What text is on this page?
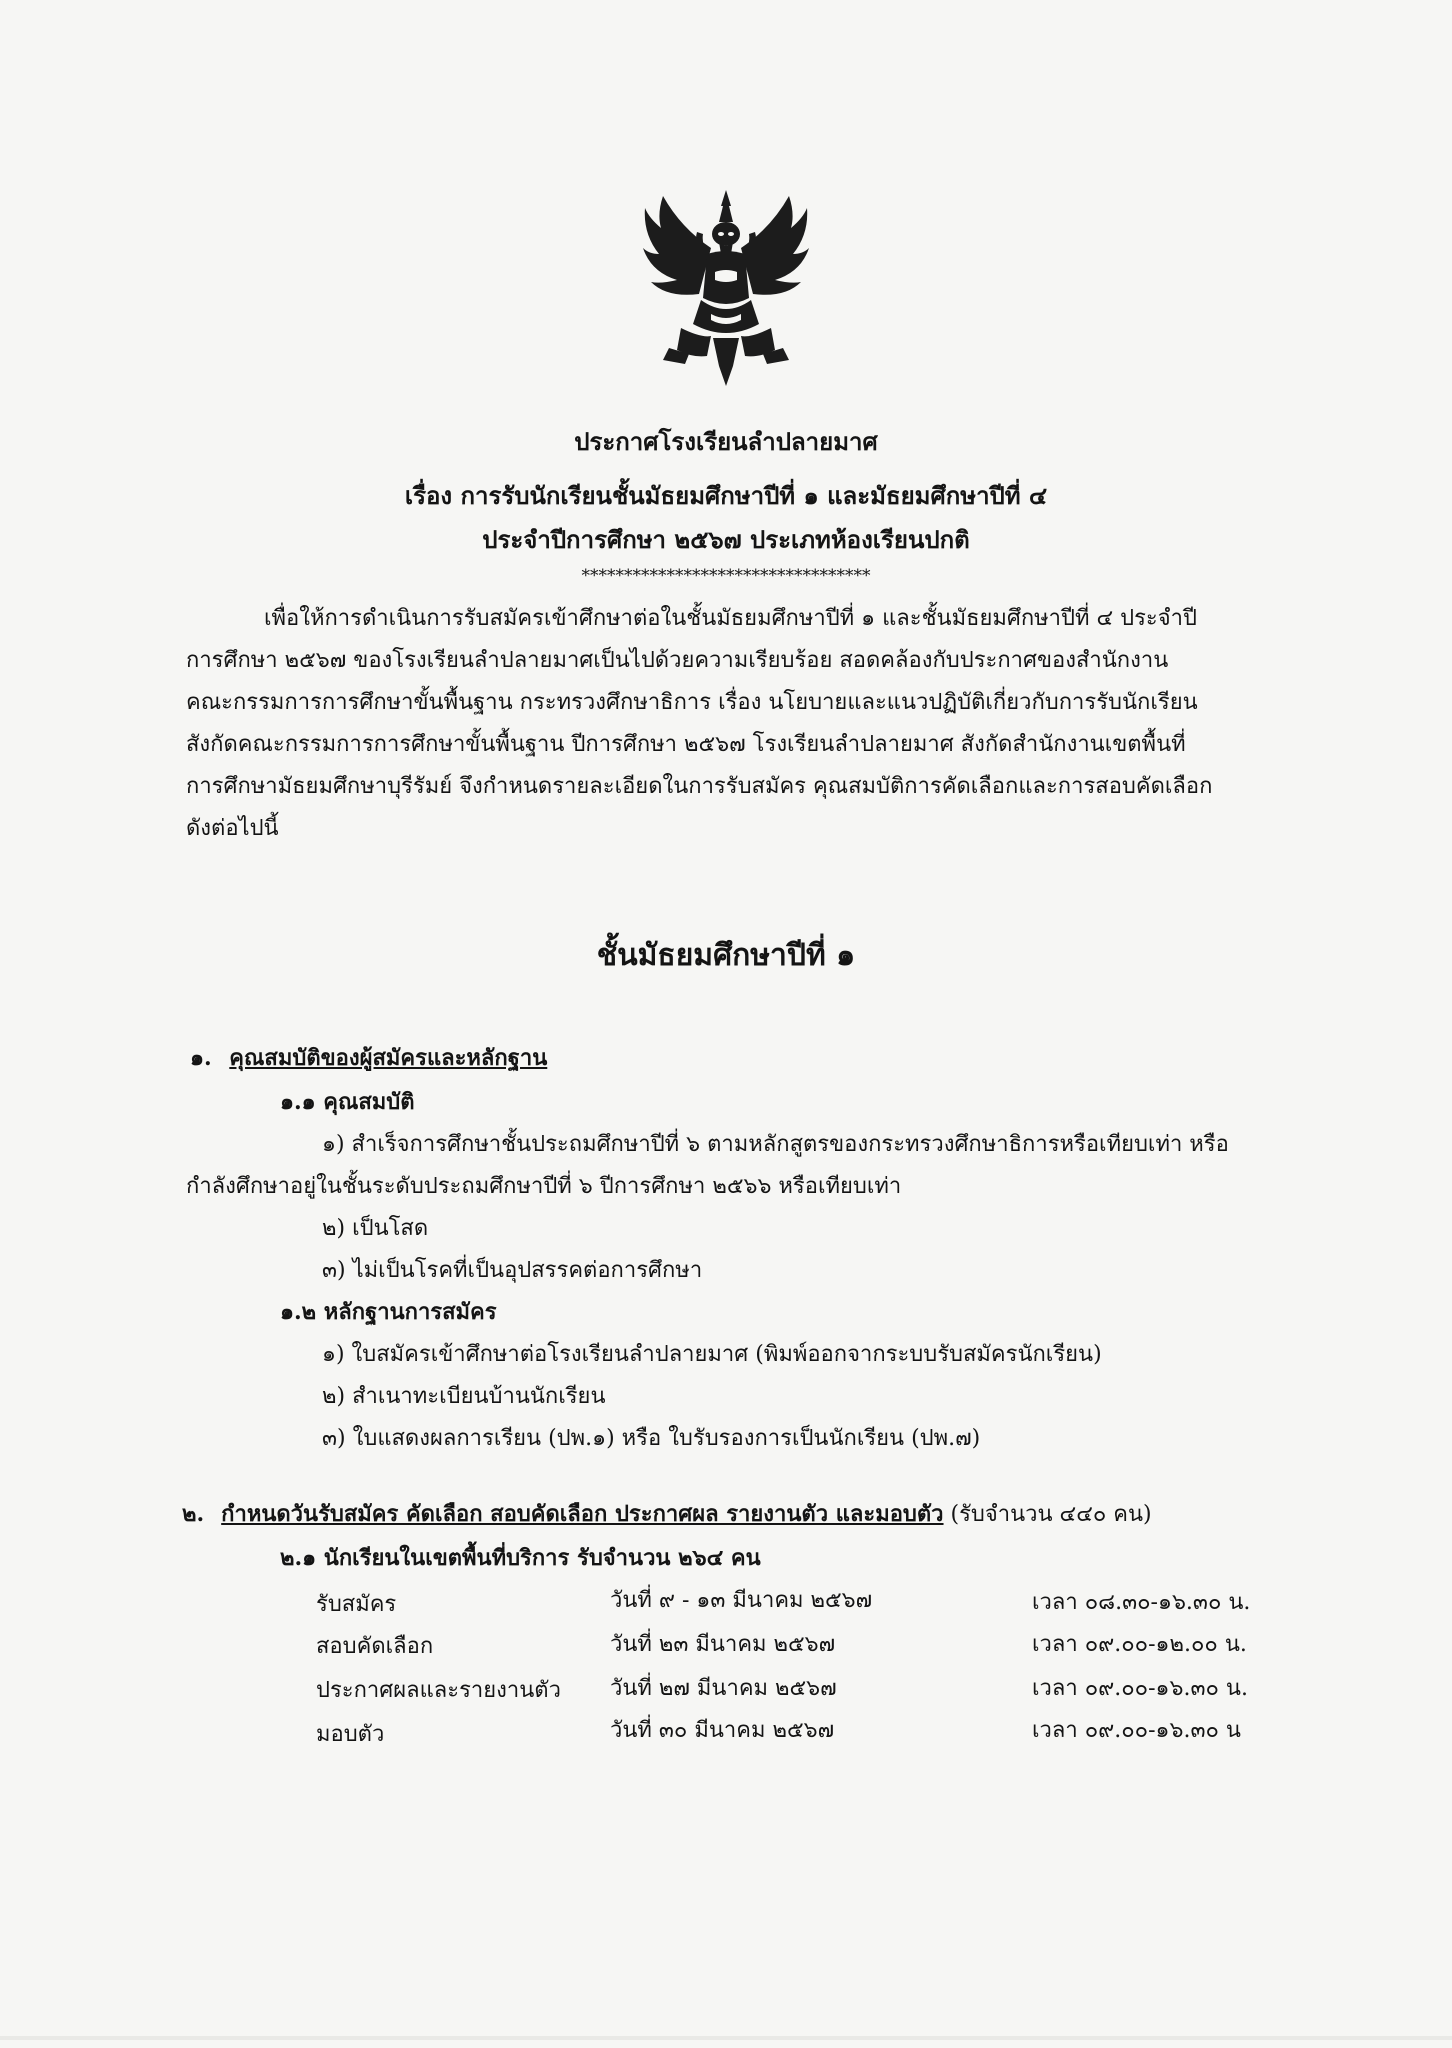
ประกาศโรงเรียนลำปลายมาศ
เรื่อง การรับนักเรียนชั้นมัธยมศึกษาปีที่ ๑ และมัธยมศึกษาปีที่ ๔
ประจำปีการศึกษา ๒๕๖๗ ประเภทห้องเรียนปกติ
**********************************

เพื่อให้การดำเนินการรับสมัครเข้าศึกษาต่อในชั้นมัธยมศึกษาปีที่ ๑ และชั้นมัธยมศึกษาปีที่ ๔ ประจำปี

การศึกษา ๒๕๖๗ ของโรงเรียนลำปลายมาศเป็นไปด้วยความเรียบร้อย สอดคล้องกับประกาศของสำนักงาน

คณะกรรมการการศึกษาขั้นพื้นฐาน กระทรวงศึกษาธิการ เรื่อง นโยบายและแนวปฏิบัติเกี่ยวกับการรับนักเรียน

สังกัดคณะกรรมการการศึกษาขั้นพื้นฐาน ปีการศึกษา ๒๕๖๗ โรงเรียนลำปลายมาศ สังกัดสำนักงานเขตพื้นที่

การศึกษามัธยมศึกษาบุรีรัมย์ จึงกำหนดรายละเอียดในการรับสมัคร คุณสมบัติการคัดเลือกและการสอบคัดเลือก

ดังต่อไปนี้

ชั้นมัธยมศึกษาปีที่ ๑
๑. คุณสมบัติของผู้สมัครและหลักฐาน
๑.๑ คุณสมบัติ
๑) สำเร็จการศึกษาชั้นประถมศึกษาปีที่ ๖ ตามหลักสูตรของกระทรวงศึกษาธิการหรือเทียบเท่า หรือ
กำลังศึกษาอยู่ในชั้นระดับประถมศึกษาปีที่ ๖ ปีการศึกษา ๒๕๖๖ หรือเทียบเท่า
๒) เป็นโสด
๓) ไม่เป็นโรคที่เป็นอุปสรรคต่อการศึกษา
๑.๒ หลักฐานการสมัคร
๑) ใบสมัครเข้าศึกษาต่อโรงเรียนลำปลายมาศ (พิมพ์ออกจากระบบรับสมัครนักเรียน)
๒) สำเนาทะเบียนบ้านนักเรียน
๓) ใบแสดงผลการเรียน (ปพ.๑) หรือ ใบรับรองการเป็นนักเรียน (ปพ.๗)
๒. กำหนดวันรับสมัคร คัดเลือก สอบคัดเลือก ประกาศผล รายงานตัว และมอบตัว (รับจำนวน ๔๔๐ คน)
๒.๑ นักเรียนในเขตพื้นที่บริการ รับจำนวน ๒๖๔ คน
รับสมัคร	วันที่ ๙ - ๑๓ มีนาคม ๒๕๖๗	เวลา ๐๘.๓๐-๑๖.๓๐ น.
สอบคัดเลือก	วันที่ ๒๓ มีนาคม ๒๕๖๗	เวลา ๐๙.๐๐-๑๒.๐๐ น.
ประกาศผลและรายงานตัว วันที่ ๒๗ มีนาคม ๒๕๖๗	เวลา ๐๙.๐๐-๑๖.๓๐ น.
มอบตัว	วันที่ ๓๐ มีนาคม ๒๕๖๗	เวลา ๐๙.๐๐-๑๖.๓๐ น
